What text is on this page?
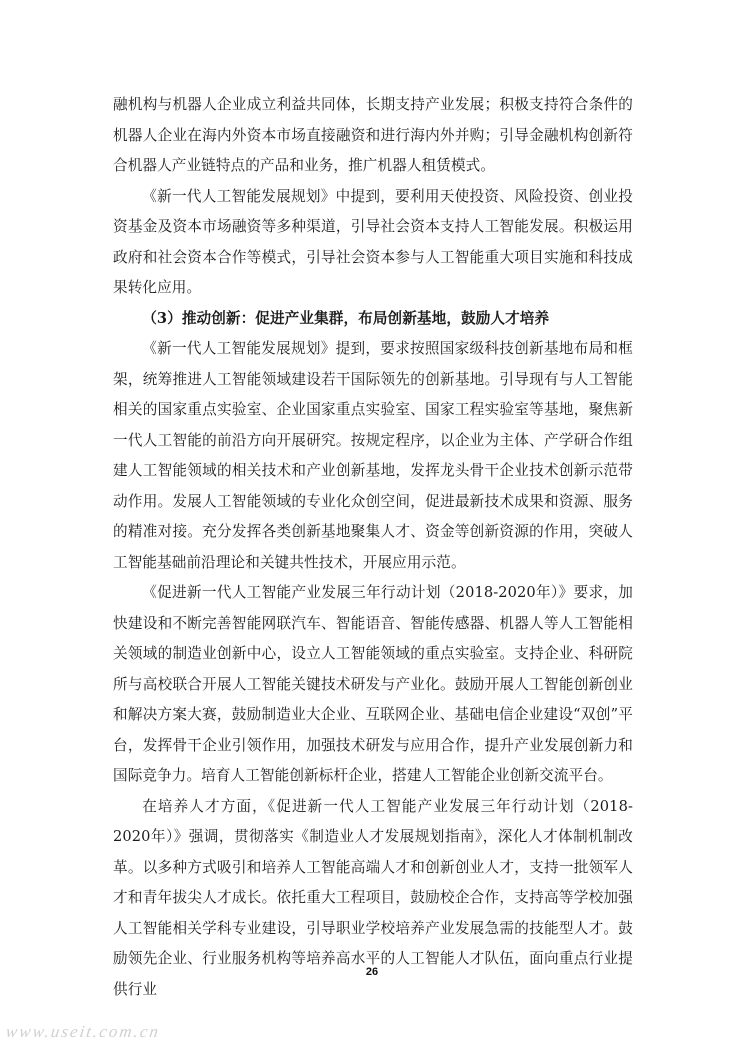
融机构与机器人企业成立利益共同体，长期支持产业发展；积极支持符合条件的机器人企业在海内外资本市场直接融资和进行海内外并购；引导金融机构创新符合机器人产业链特点的产品和业务，推广机器人租赁模式。

《新一代人工智能发展规划》中提到，要利用天使投资、风险投资、创业投资基金及资本市场融资等多种渠道，引导社会资本支持人工智能发展。积极运用政府和社会资本合作等模式，引导社会资本参与人工智能重大项目实施和科技成果转化应用。

（3）推动创新：促进产业集群，布局创新基地，鼓励人才培养

《新一代人工智能发展规划》提到，要求按照国家级科技创新基地布局和框架，统筹推进人工智能领域建设若干国际领先的创新基地。引导现有与人工智能相关的国家重点实验室、企业国家重点实验室、国家工程实验室等基地，聚焦新一代人工智能的前沿方向开展研究。按规定程序，以企业为主体、产学研合作组建人工智能领域的相关技术和产业创新基地，发挥龙头骨干企业技术创新示范带动作用。发展人工智能领域的专业化众创空间，促进最新技术成果和资源、服务的精准对接。充分发挥各类创新基地聚集人才、资金等创新资源的作用，突破人工智能基础前沿理论和关键共性技术，开展应用示范。

《促进新一代人工智能产业发展三年行动计划（2018-2020年）》要求，加快建设和不断完善智能网联汽车、智能语音、智能传感器、机器人等人工智能相关领域的制造业创新中心，设立人工智能领域的重点实验室。支持企业、科研院所与高校联合开展人工智能关键技术研发与产业化。鼓励开展人工智能创新创业和解决方案大赛，鼓励制造业大企业、互联网企业、基础电信企业建设“双创”平台，发挥骨干企业引领作用，加强技术研发与应用合作，提升产业发展创新力和国际竞争力。培育人工智能创新标杆企业，搭建人工智能企业创新交流平台。

在培养人才方面，《促进新一代人工智能产业发展三年行动计划（2018-2020年）》强调，贯彻落实《制造业人才发展规划指南》，深化人才体制机制改革。以多种方式吸引和培养人工智能高端人才和创新创业人才，支持一批领军人才和青年拔尖人才成长。依托重大工程项目，鼓励校企合作，支持高等学校加强人工智能相关学科专业建设，引导职业学校培养产业发展急需的技能型人才。鼓励领先企业、行业服务机构等培养高水平的人工智能人才队伍，面向重点行业提供行业

26
www.useit.com.cn
